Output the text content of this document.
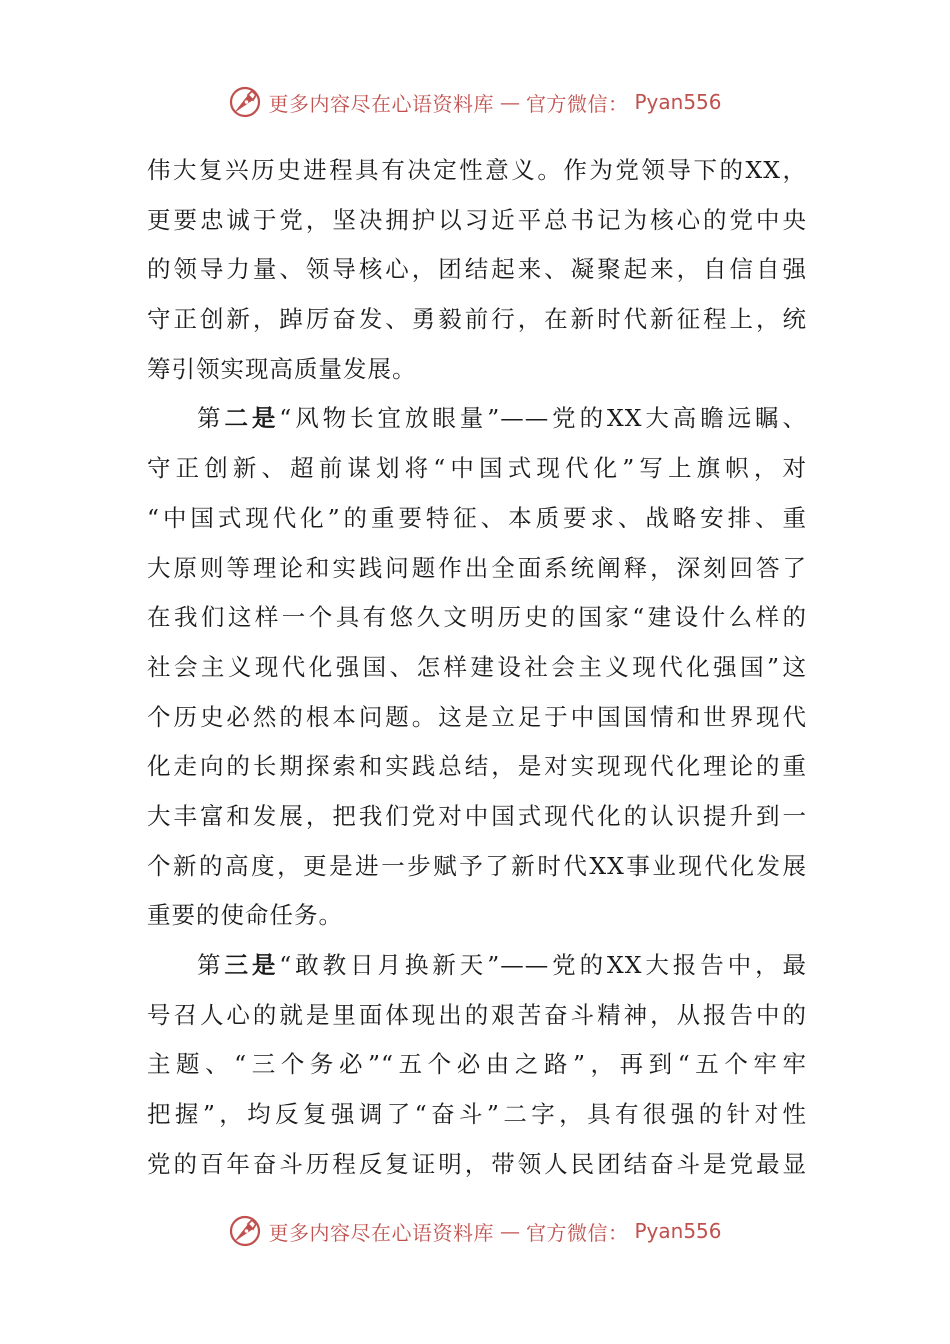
更多内容尽在心语资料库 — 官方微信： Pyan556
伟大复兴历史进程具有决定性意义。作为党领导下的XX，
更要忠诚于党，坚决拥护以习近平总书记为核心的党中央
的领导力量、领导核心，团结起来、凝聚起来，自信自强
守正创新，踔厉奋发、勇毅前行，在新时代新征程上，统
筹引领实现高质量发展。
第二是“风物长宜放眼量”——党的XX大高瞻远瞩、
守正创新、超前谋划将“中国式现代化”写上旗帜，对
“中国式现代化”的重要特征、本质要求、战略安排、重
大原则等理论和实践问题作出全面系统阐释，深刻回答了
在我们这样一个具有悠久文明历史的国家“建设什么样的
社会主义现代化强国、怎样建设社会主义现代化强国”这
个历史必然的根本问题。这是立足于中国国情和世界现代
化走向的长期探索和实践总结，是对实现现代化理论的重
大丰富和发展，把我们党对中国式现代化的认识提升到一
个新的高度，更是进一步赋予了新时代XX事业现代化发展
重要的使命任务。
第三是“敢教日月换新天”——党的XX大报告中，最
号召人心的就是里面体现出的艰苦奋斗精神，从报告中的
主题、“三个务必”“五个必由之路”，再到“五个牢牢
把握”，均反复强调了“奋斗”二字，具有很强的针对性
党的百年奋斗历程反复证明，带领人民团结奋斗是党最显
更多内容尽在心语资料库 — 官方微信： Pyan556
